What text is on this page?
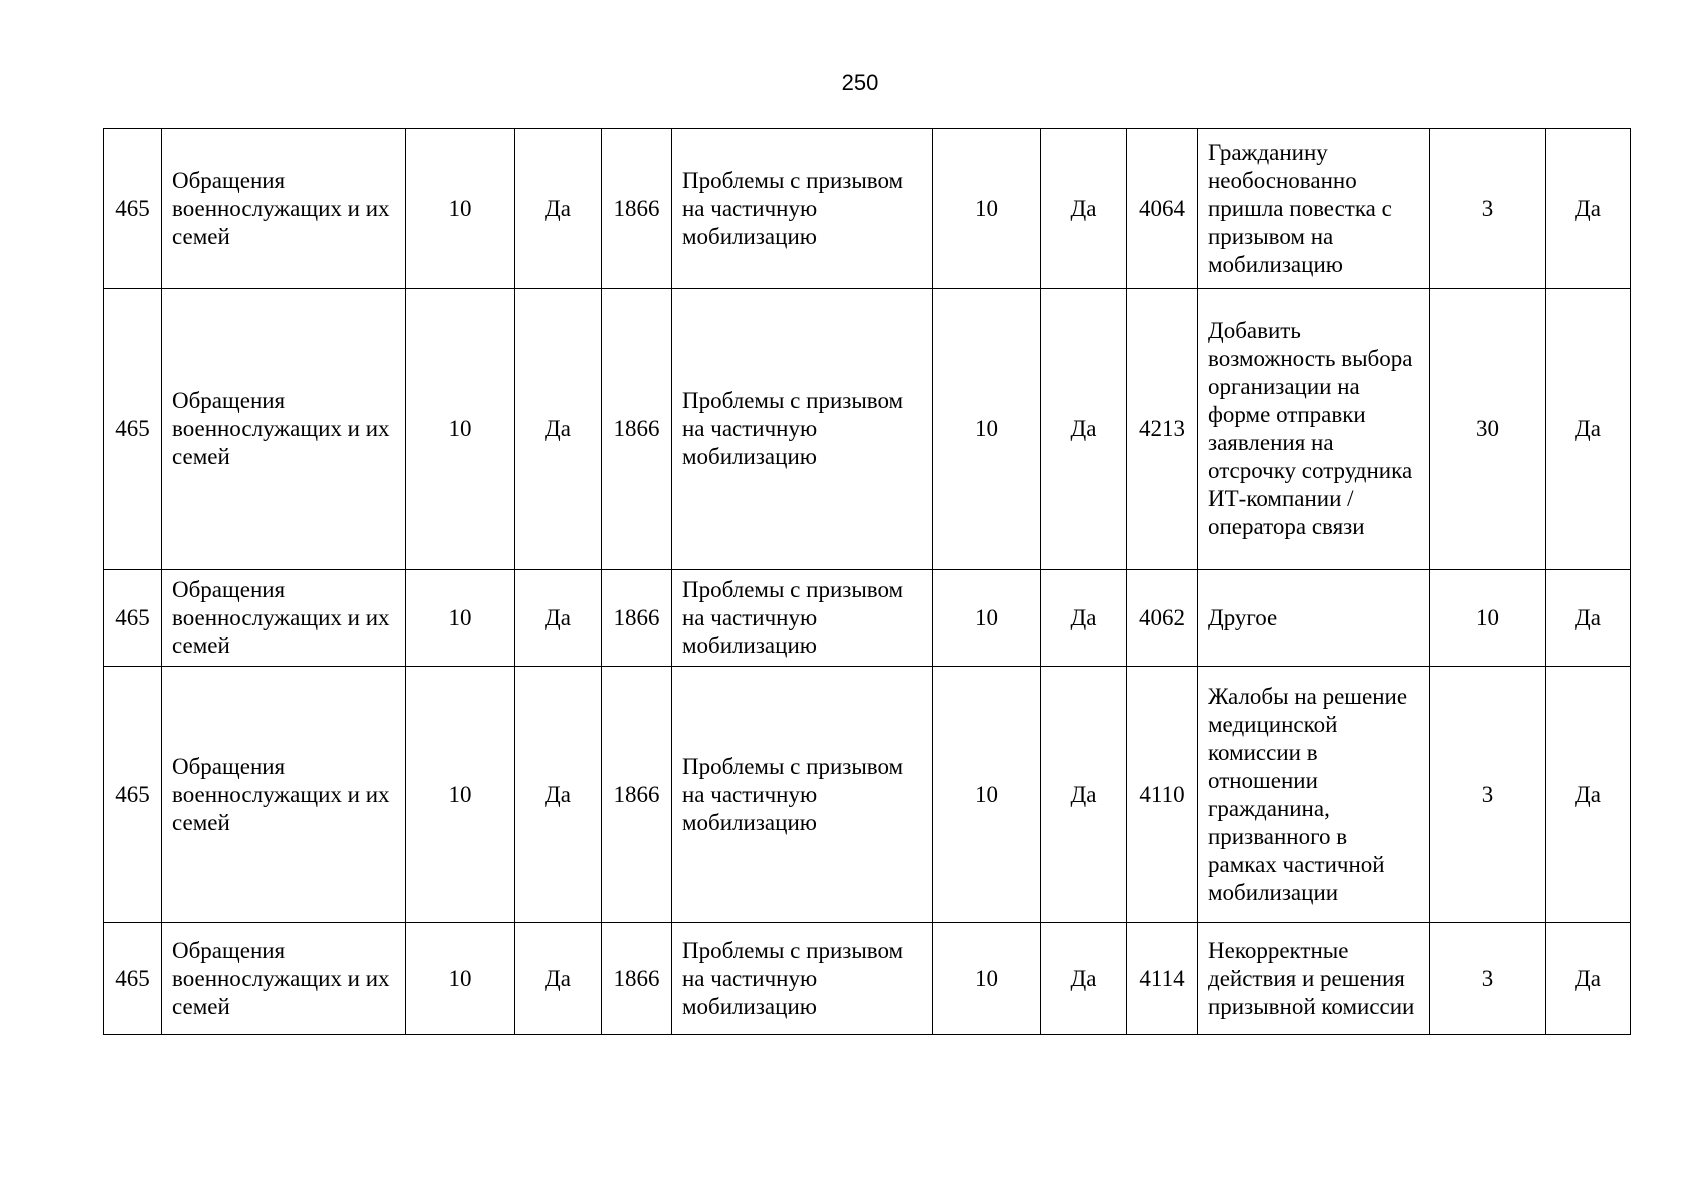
250
465	Обращения военнослужащих и их семей	10	Да	1866	Проблемы с призывом на частичную мобилизацию	10	Да	4064	Гражданину необоснованно пришла повестка с призывом на мобилизацию	3	Да
465	Обращения военнослужащих и их семей	10	Да	1866	Проблемы с призывом на частичную мобилизацию	10	Да	4213	Добавить возможность выбора организации на форме отправки заявления на отсрочку сотрудника ИТ-компании / оператора связи	30	Да
465	Обращения военнослужащих и их семей	10	Да	1866	Проблемы с призывом на частичную мобилизацию	10	Да	4062	Другое	10	Да
465	Обращения военнослужащих и их семей	10	Да	1866	Проблемы с призывом на частичную мобилизацию	10	Да	4110	Жалобы на решение медицинской комиссии в отношении гражданина, призванного в рамках частичной мобилизации	3	Да
465	Обращения военнослужащих и их семей	10	Да	1866	Проблемы с призывом на частичную мобилизацию	10	Да	4114	Некорректные действия и решения призывной комиссии	3	Да
